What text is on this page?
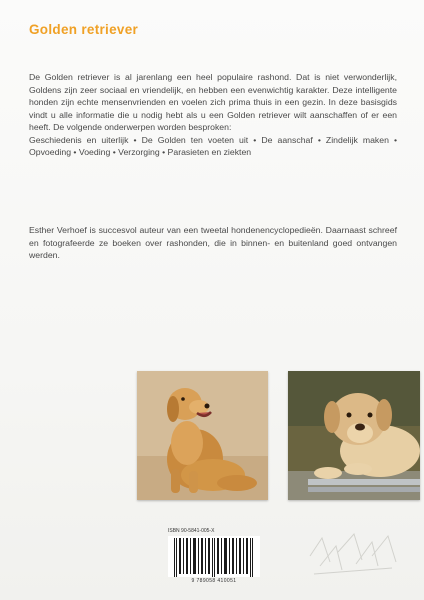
Golden retriever
De Golden retriever is al jarenlang een heel populaire rashond. Dat is niet verwonderlijk, Goldens zijn zeer sociaal en vriendelijk, en hebben een evenwichtig karakter. Deze intelligente honden zijn echte mensenvrienden en voelen zich prima thuis in een gezin. In deze basisgids vindt u alle informatie die u nodig hebt als u een Golden retriever wilt aanschaffen of er een heeft. De volgende onderwerpen worden besproken:
Geschiedenis en uiterlijk • De Golden ten voeten uit • De aanschaf • Zindelijk maken • Opvoeding • Voeding • Verzorging • Parasieten en ziekten
Esther Verhoef is succesvol auteur van een tweetal hondenencyclopedieën. Daarnaast schreef en fotografeerde ze boeken over rashonden, die in binnen- en buitenland goed ontvangen werden.
ISBN 90-5841-005-X
9 789058 410051
